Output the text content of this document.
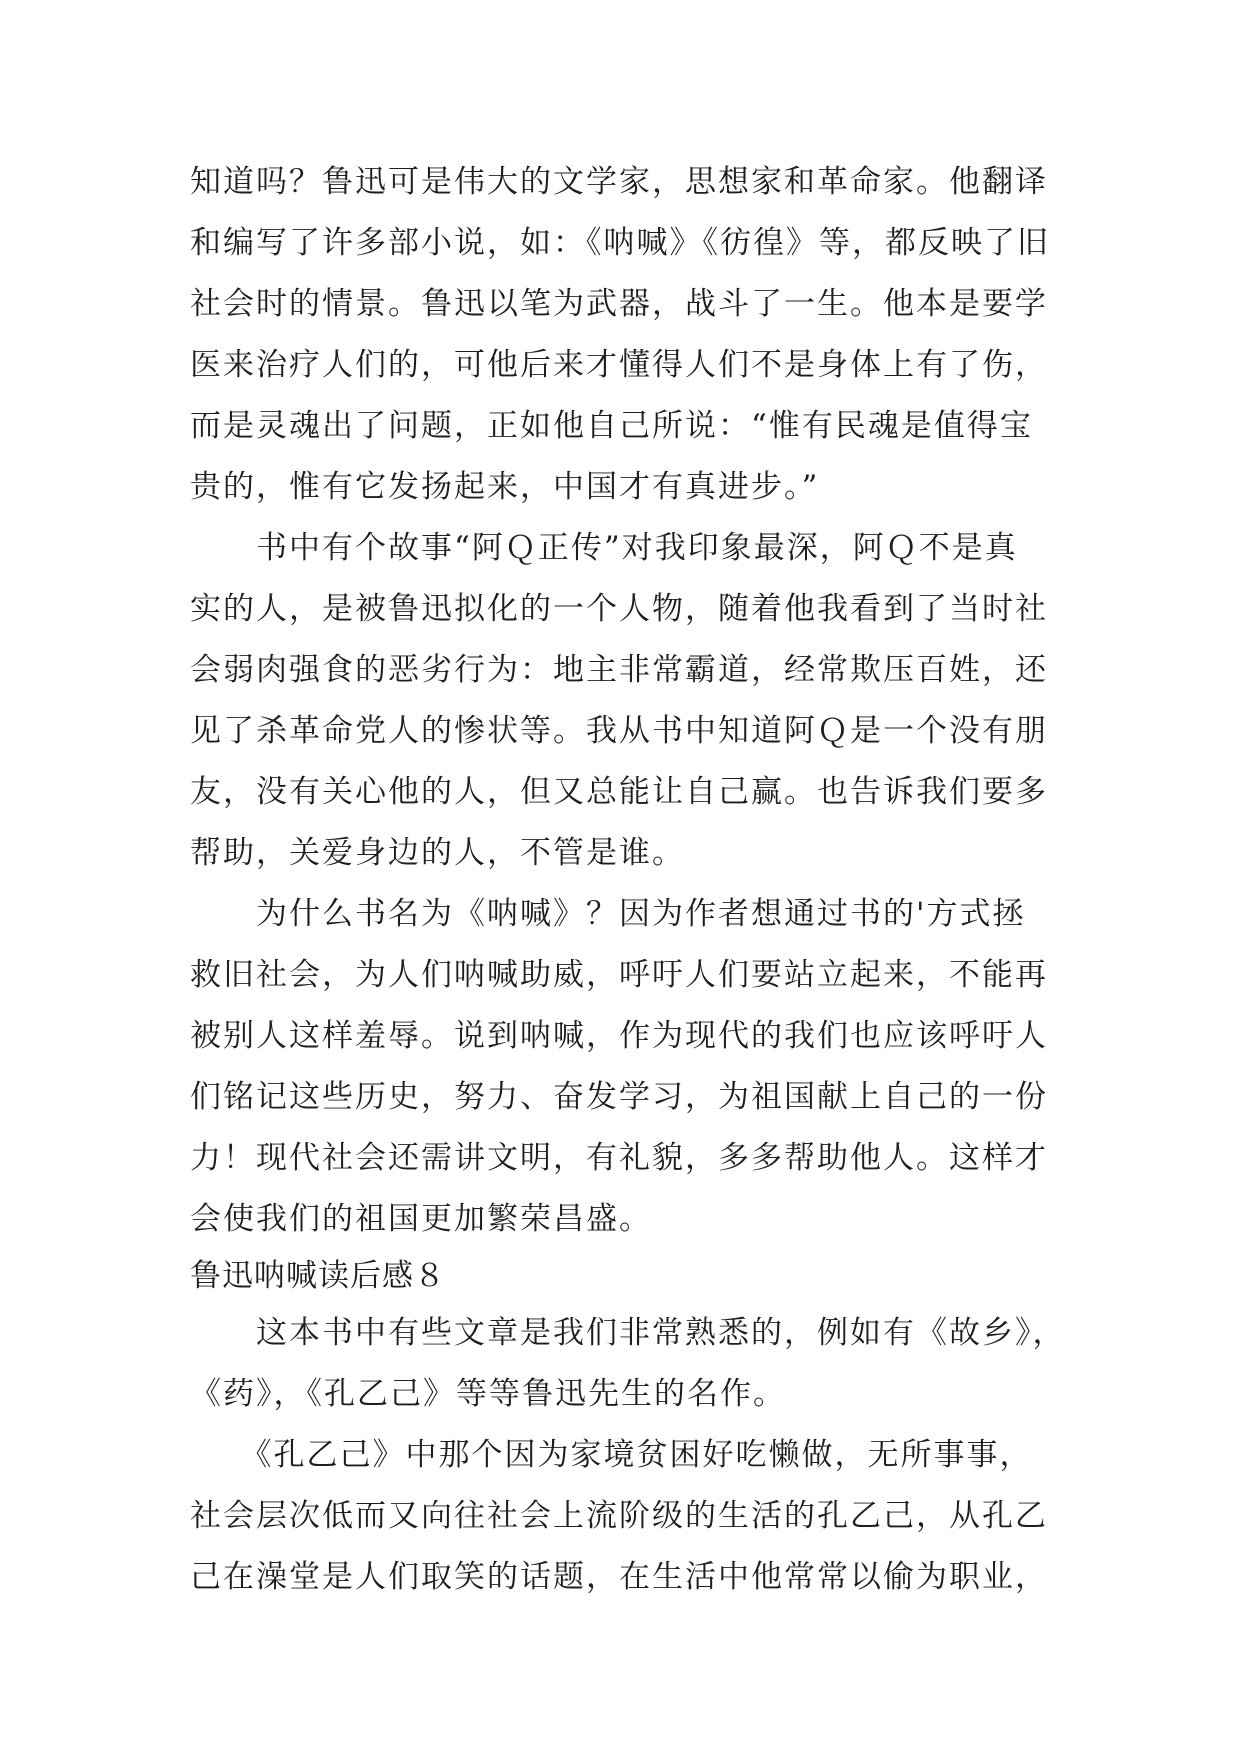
知道吗？鲁迅可是伟大的文学家，思想家和革命家。他翻译
和编写了许多部小说，如：《呐喊》《彷徨》等，都反映了旧
社会时的情景。鲁迅以笔为武器，战斗了一生。他本是要学
医来治疗人们的，可他后来才懂得人们不是身体上有了伤，
而是灵魂出了问题，正如他自己所说：“惟有民魂是值得宝
贵的，惟有它发扬起来，中国才有真进步。”
　　书中有个故事“阿Ｑ正传”对我印象最深，阿Ｑ不是真
实的人，是被鲁迅拟化的一个人物，随着他我看到了当时社
会弱肉强食的恶劣行为：地主非常霸道，经常欺压百姓，还
见了杀革命党人的惨状等。我从书中知道阿Ｑ是一个没有朋
友，没有关心他的人，但又总能让自己赢。也告诉我们要多
帮助，关爱身边的人，不管是谁。
　　为什么书名为《呐喊》？因为作者想通过书的'方式拯
救旧社会，为人们呐喊助威，呼吁人们要站立起来，不能再
被别人这样羞辱。说到呐喊，作为现代的我们也应该呼吁人
们铭记这些历史，努力、奋发学习，为祖国献上自己的一份
力！现代社会还需讲文明，有礼貌，多多帮助他人。这样才
会使我们的祖国更加繁荣昌盛。
鲁迅呐喊读后感８
　　这本书中有些文章是我们非常熟悉的，例如有《故乡》，
《药》，《孔乙己》等等鲁迅先生的名作。
　　《孔乙己》中那个因为家境贫困好吃懒做，无所事事，
社会层次低而又向往社会上流阶级的生活的孔乙己，从孔乙
己在澡堂是人们取笑的话题，在生活中他常常以偷为职业，
